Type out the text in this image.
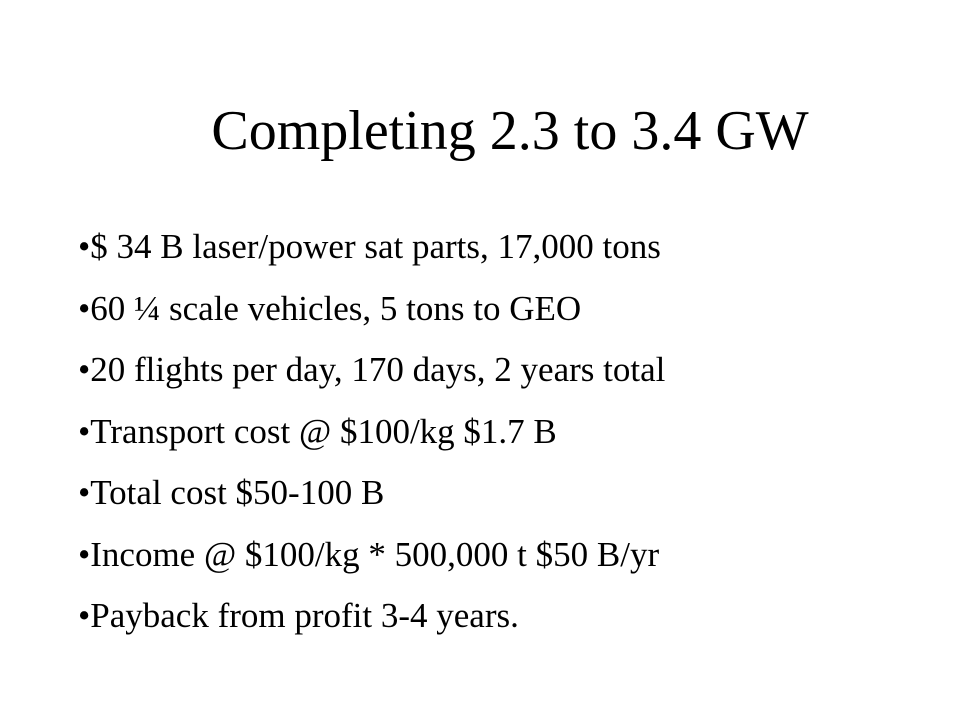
Completing 2.3 to 3.4 GW
•$ 34 B laser/power sat parts, 17,000 tons
•60 ¼ scale vehicles, 5 tons to GEO
•20 flights per day, 170 days, 2 years total
•Transport cost @ $100/kg $1.7 B
•Total cost $50-100 B
•Income @ $100/kg * 500,000 t $50 B/yr
•Payback from profit 3-4 years.
